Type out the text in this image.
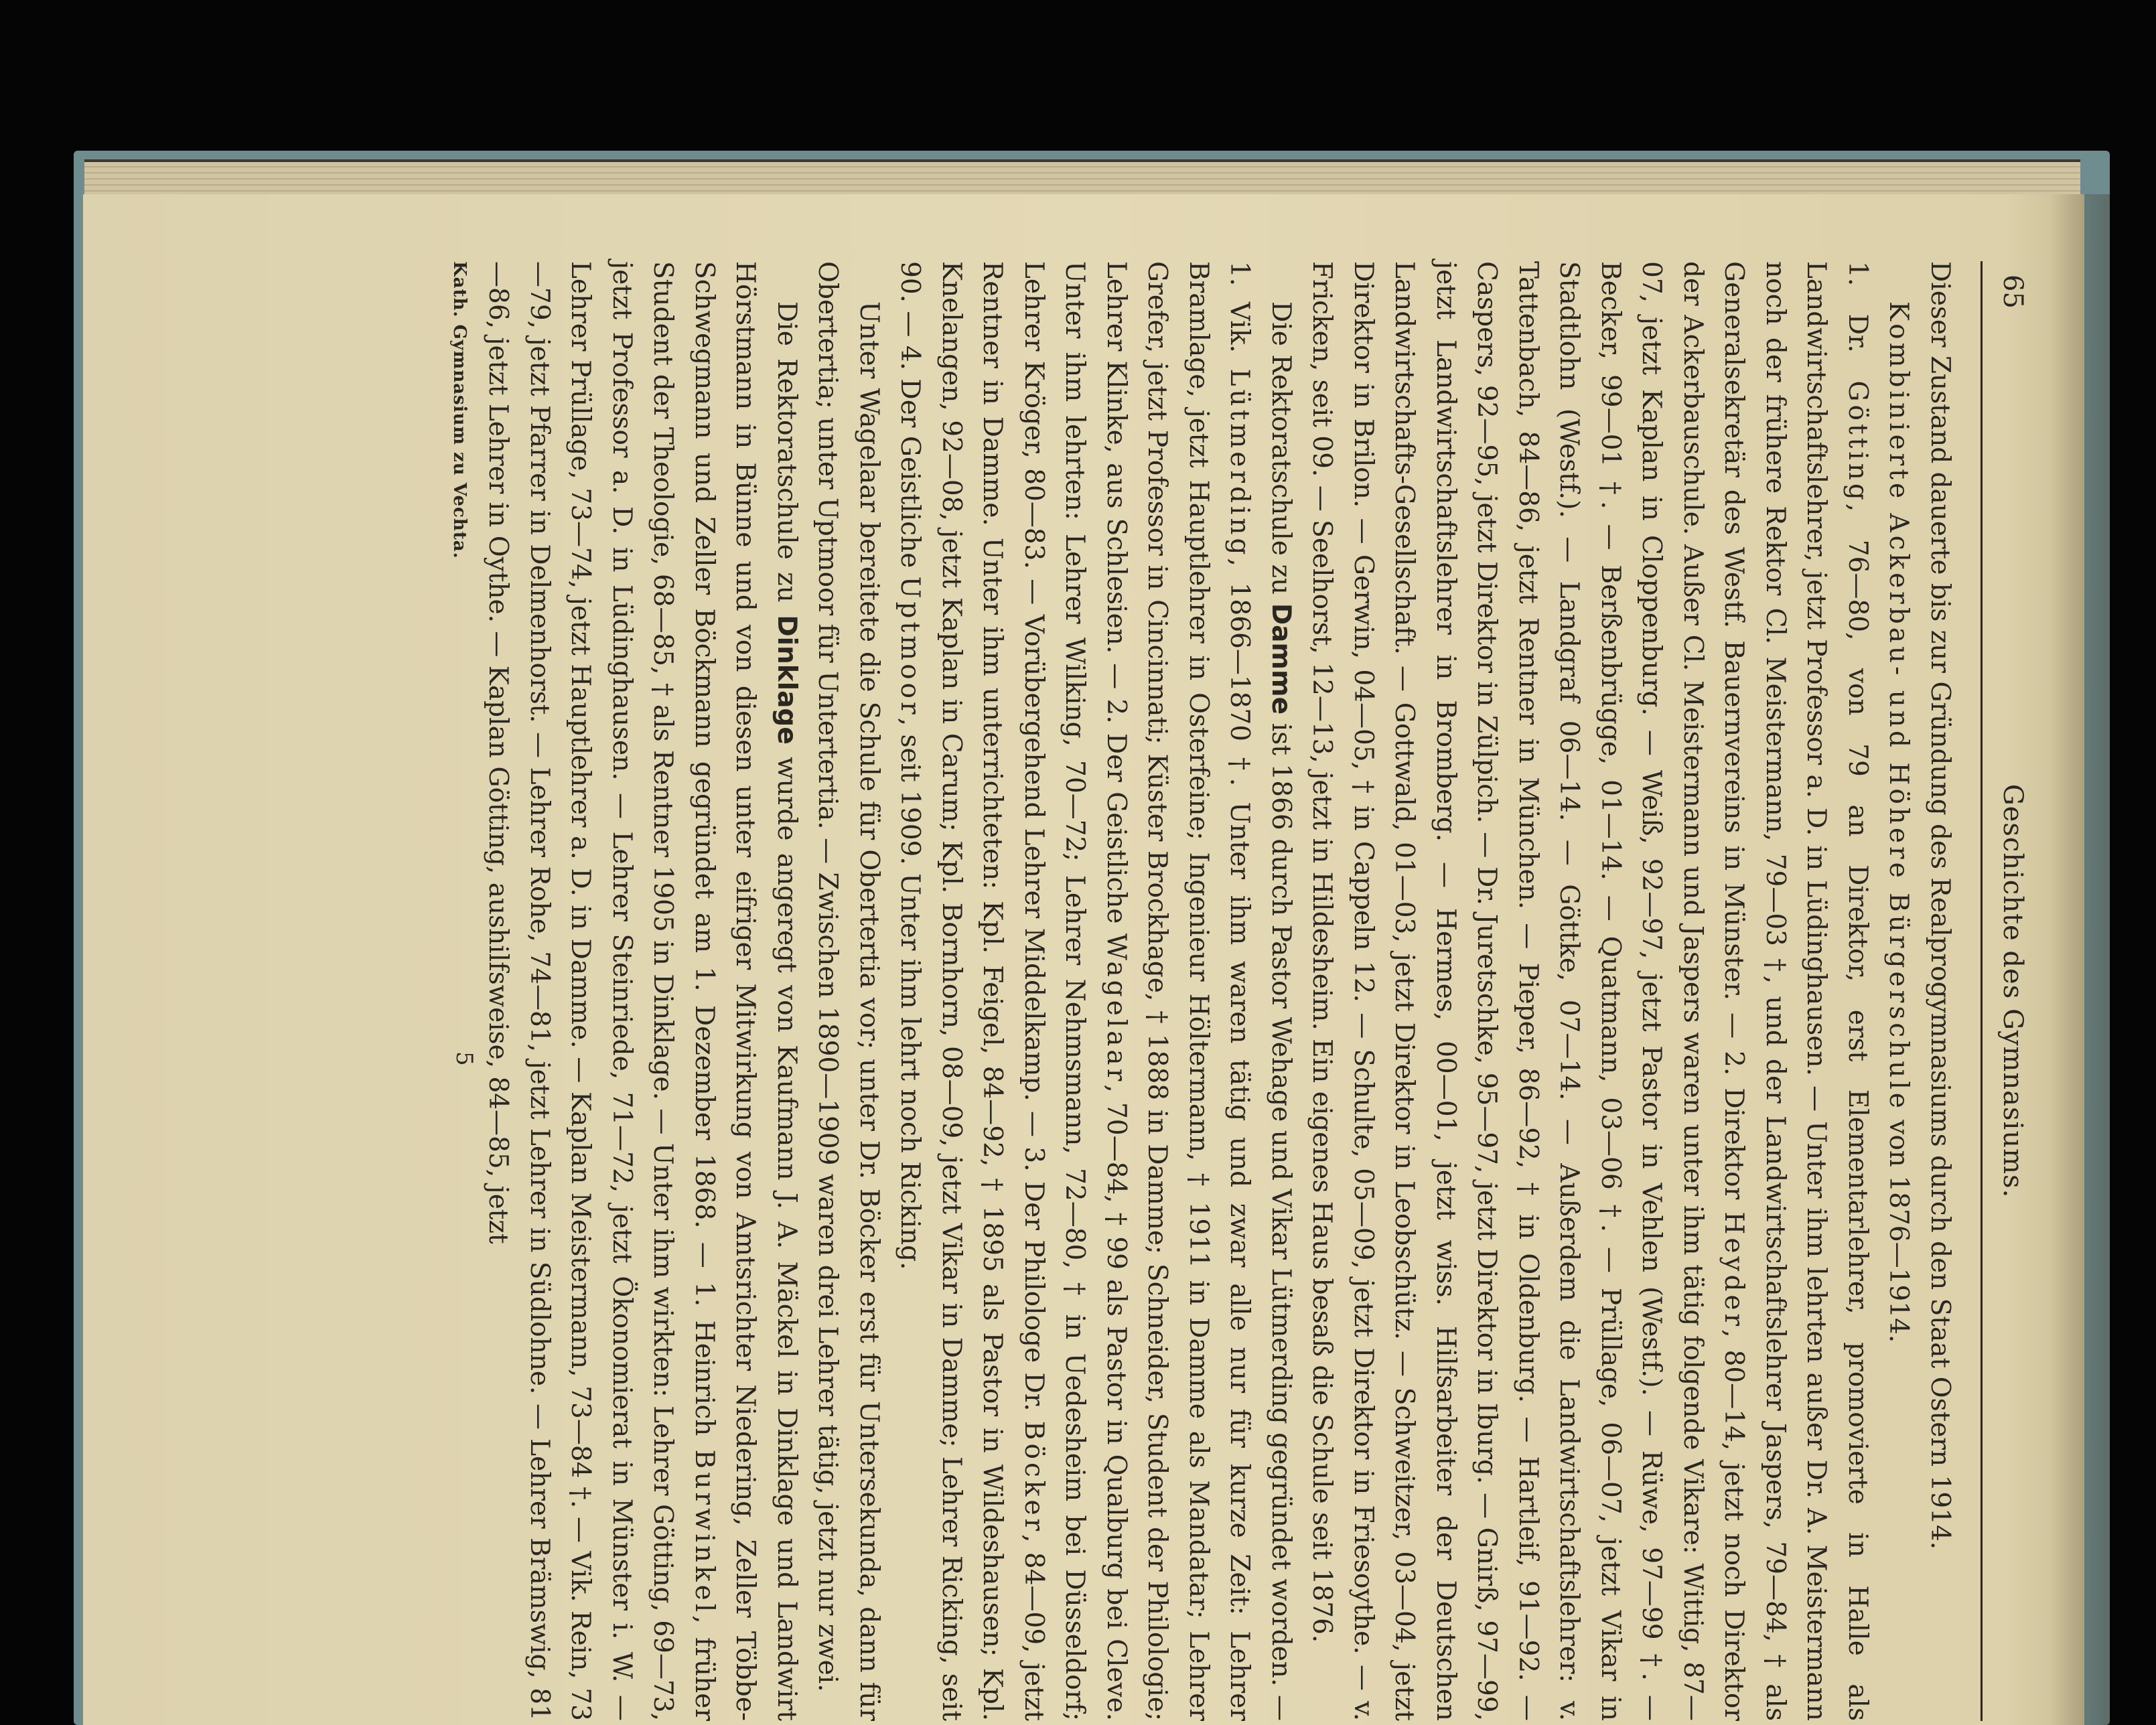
65
Geschichte des Gymnasiums.

Dieser Zustand dauerte bis zur Gründung des Realprogymnasiums durch den Staat Ostern 1914.

Kombinierte Ackerbau- und Höhere Bürgerschule von 1876—1914.

1. Dr. Götting, 76—80, von 79 an Direktor, erst Elementarlehrer, promovierte in Halle als Landwirtschaftslehrer, jetzt Professor a. D. in Lüdinghausen. — Unter ihm lehrten außer Dr. A. Meistermann noch der frühere Rektor Cl. Meistermann, 79—03 †, und der Landwirtschaftslehrer Jaspers, 79—84, † als Generalsekretär des Westf. Bauernvereins in Münster. — 2. Direktor Heyder, 80—14, jetzt noch Direktor der Ackerbauschule. Außer Cl. Meistermann und Jaspers waren unter ihm tätig folgende Vikare: Wittig, 87—07, jetzt Kaplan in Cloppenburg. — Weiß, 92—97, jetzt Pastor in Vehlen (Westf.). — Rüwe, 97—99 †. — Becker, 99—01 †. — Berßenbrügge, 01—14. — Quatmann, 03—06 †. — Prüllage, 06—07, jetzt Vikar in Stadtlohn (Westf.). — Landgraf 06—14. — Göttke, 07—14. — Außerdem die Landwirtschaftslehrer: v. Tattenbach, 84—86, jetzt Rentner in München. — Pieper, 86—92, † in Oldenburg. — Hartleif, 91—92. — Caspers, 92—95, jetzt Direktor in Zülpich. — Dr. Juretschke, 95—97, jetzt Direktor in Iburg. — Gnirß, 97—99, jetzt Landwirtschaftslehrer in Bromberg. — Hermes, 00—01, jetzt wiss. Hilfsarbeiter der Deutschen Landwirtschafts-Gesellschaft. — Gottwald, 01—03, jetzt Direktor in Leobschütz. — Schweitzer, 03—04, jetzt Direktor in Brilon. — Gerwin, 04—05, † in Cappeln 12. — Schulte, 05—09, jetzt Direktor in Friesoythe. — v. Fricken, seit 09. — Seelhorst, 12—13, jetzt in Hildesheim. Ein eigenes Haus besaß die Schule seit 1876.

Die Rektoratschule zu Damme ist 1866 durch Pastor Wehage und Vikar Lütmerding gegründet worden. — 1. Vik. Lütmerding, 1866—1870 †. Unter ihm waren tätig und zwar alle nur für kurze Zeit: Lehrer Bramlage, jetzt Hauptlehrer in Osterfeine; Ingenieur Höltermann, † 1911 in Damme als Mandatar; Lehrer Grefer, jetzt Professor in Cincinnati; Küster Brockhage, † 1888 in Damme; Schneider, Student der Philologie; Lehrer Klinke, aus Schlesien. — 2. Der Geistliche Wagelaar, 70—84, † 99 als Pastor in Qualburg bei Cleve. Unter ihm lehrten: Lehrer Wilking, 70—72; Lehrer Nehmsmann, 72—80, † in Uedesheim bei Düsseldorf; Lehrer Kröger, 80—83. — Vorübergehend Lehrer Middelkamp. — 3. Der Philologe Dr. Böcker, 84—09, jetzt Rentner in Damme. Unter ihm unterrichteten: Kpl. Feigel, 84—92, † 1895 als Pastor in Wildeshausen; Kpl. Knelangen, 92—08, jetzt Kaplan in Carum; Kpl. Bornhorn, 08—09, jetzt Vikar in Damme; Lehrer Ricking, seit 90. — 4. Der Geistliche Uptmoor, seit 1909. Unter ihm lehrt noch Ricking.

Unter Wagelaar bereitete die Schule für Obertertia vor; unter Dr. Böcker erst für Untersekunda, dann für Obertertia; unter Uptmoor für Untertertia. — Zwischen 1890—1909 waren drei Lehrer tätig, jetzt nur zwei.

Die Rektoratschule zu Dinklage wurde angeregt von Kaufmann J. A. Mäckel in Dinklage und Landwirt Hörstmann in Bünne und von diesen unter eifriger Mitwirkung von Amtsrichter Niedering, Zeller Többe-Schwegmann und Zeller Böckmann gegründet am 1. Dezember 1868. — 1. Heinrich Burwinkel, früher Student der Theologie, 68—85, † als Rentner 1905 in Dinklage. — Unter ihm wirkten: Lehrer Götting, 69—73, jetzt Professor a. D. in Lüdinghausen. — Lehrer Steinriede, 71—72, jetzt Ökonomierat in Münster i. W. — Lehrer Prüllage, 73—74, jetzt Hauptlehrer a. D. in Damme. — Kaplan Meistermann, 73—84 †. — Vik. Rein, 73—79, jetzt Pfarrer in Delmenhorst. — Lehrer Rohe, 74—81, jetzt Lehrer in Südlohne. — Lehrer Brämswig, 81—86, jetzt Lehrer in Oythe. — Kaplan Götting, aushilfsweise, 84—85, jetzt

Kath. Gymnasium zu Vechta.
5
